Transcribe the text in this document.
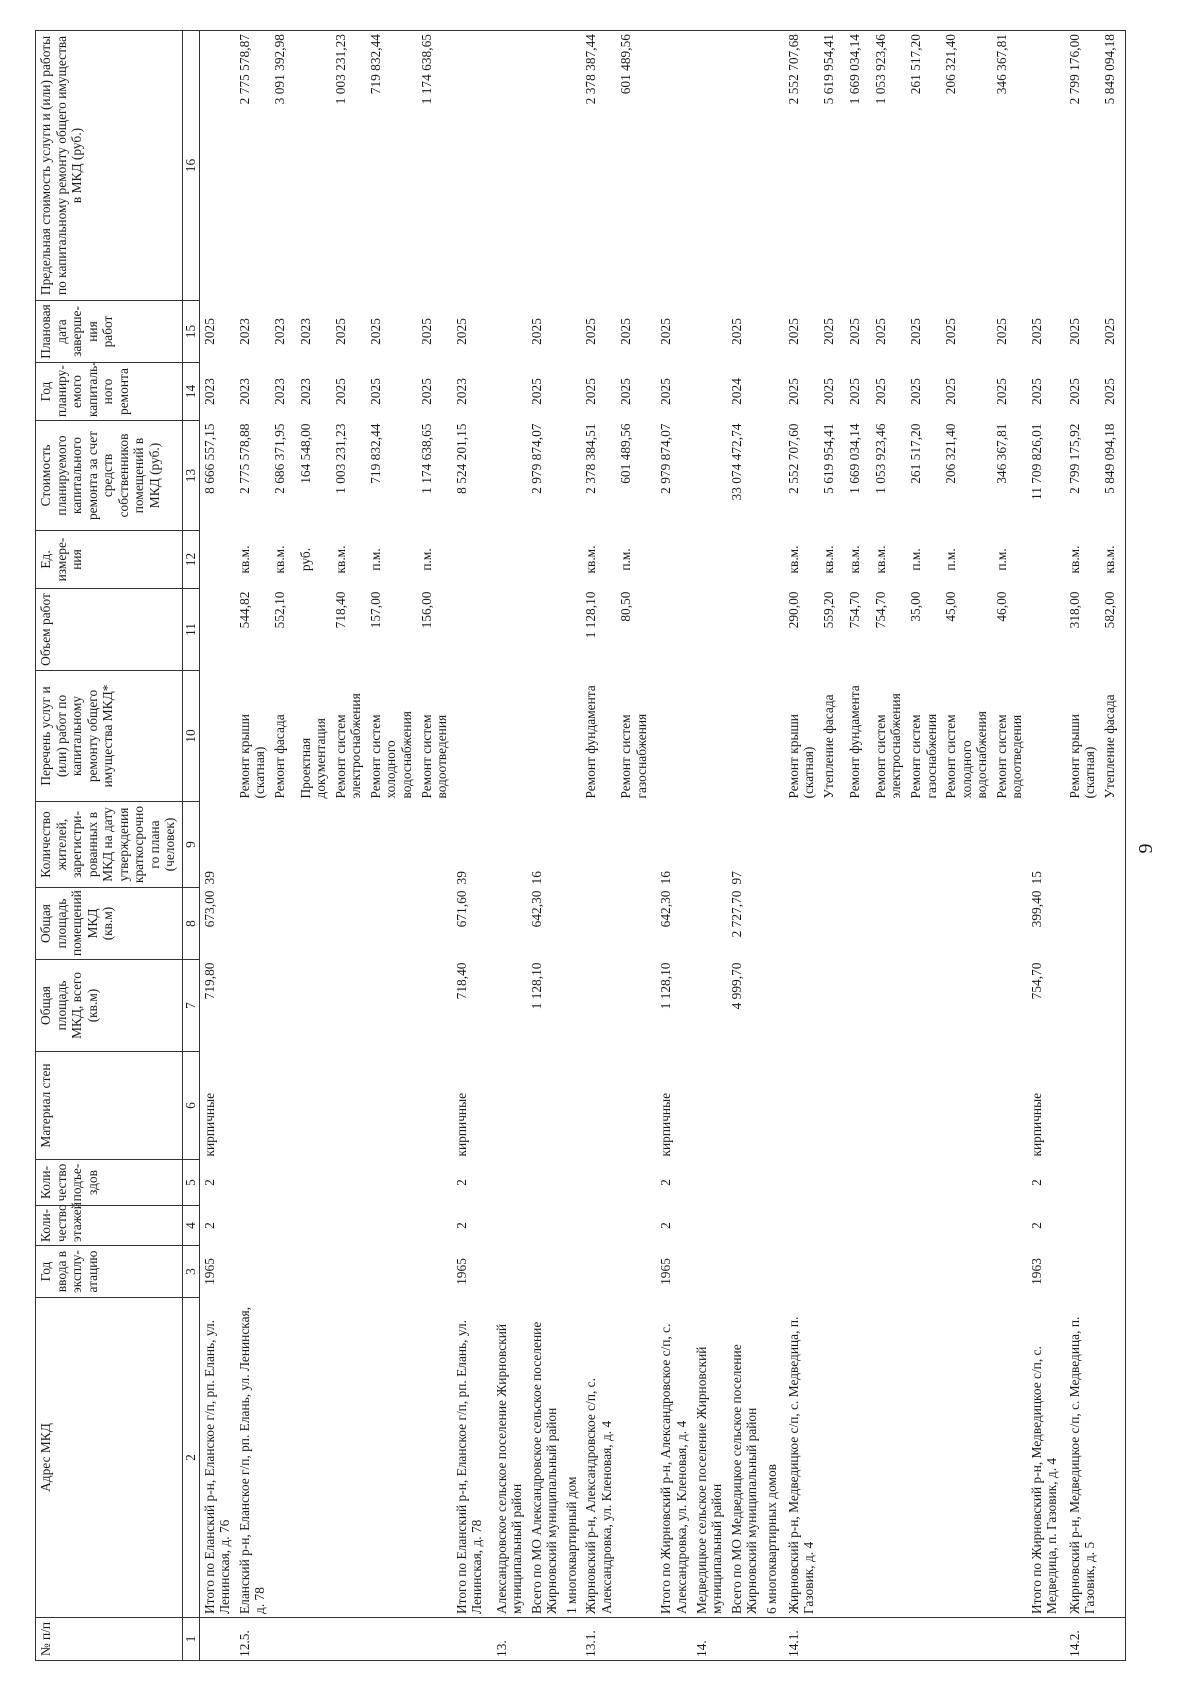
9
№ п/п	Адрес МКД	Год ввода в эксплу-атацию	Коли-чество этажей	Коли-чество подъе-здов	Материал стен	Общая площадь МКД, всего (кв.м)	Общая площадь помещений МКД (кв.м)	Количество жителей, зарегистри-рованных в МКД на дату утверждения краткосрочно го плана (человек)	Перечень услуг и (или) работ по капитальному ремонту общего имущества МКД*	Объем работ	Ед. измере-ния	Стоимость планируемого капитального ремонта за счет средств собственников помещений в МКД (руб.)	Год планиру-емого капиталь-ного ремонта	Плановая дата заверше-ния работ	Предельная стоимость услуги и (или) работы по капитальному ремонту общего имущества в МКД (руб.)
1	2	3	4	5	6	7	8	9	10	11	12	13	14	15	16
	Итого по Еланский р-н, Еланское г/п, рп. Елань, ул. Ленинская, д. 76	1965	2	2	кирпичные	719,80	673,00	39				8 666 557,15	2023	2025	
12.5.	Еланский р-н, Еланское г/п, рп. Елань, ул. Ленинская, д. 78								Ремонт крыши (скатная)	544,82	кв.м.	2 775 578,88	2023	2023	2 775 578,87
									Ремонт фасада	552,10	кв.м.	2 686 371,95	2023	2023	3 091 392,98
									Проектная документация		руб.	164 548,00	2023	2023	
									Ремонт систем электроснабжения	718,40	кв.м.	1 003 231,23	2025	2025	1 003 231,23
									Ремонт систем холодного водоснабжения	157,00	п.м.	719 832,44	2025	2025	719 832,44
									Ремонт систем водоотведения	156,00	п.м.	1 174 638,65	2025	2025	1 174 638,65
	Итого по Еланский р-н, Еланское г/п, рп. Елань, ул. Ленинская, д. 78	1965	2	2	кирпичные	718,40	671,60	39				8 524 201,15	2023	2025	
13.	Александровское сельское поселение Жирновский муниципальный район														
	Всего по МО Александровское сельское поселение Жирновский муниципальный район					1 128,10	642,30	16				2 979 874,07	2025	2025	
	1 многоквартирный дом														
13.1.	Жирновский р-н, Александровское с/п, с. Александровка, ул. Кленовая, д. 4								Ремонт фундамента	1 128,10	кв.м.	2 378 384,51	2025	2025	2 378 387,44
									Ремонт систем газоснабжения	80,50	п.м.	601 489,56	2025	2025	601 489,56
	Итого по Жирновский р-н, Александровское с/п, с. Александровка, ул. Кленовая, д. 4	1965	2	2	кирпичные	1 128,10	642,30	16				2 979 874,07	2025	2025	
14.	Медведицкое сельское поселение Жирновский муниципальный район														
	Всего по МО Медведицкое сельское поселение Жирновский муниципальный район					4 999,70	2 727,70	97				33 074 472,74	2024	2025	
	6 многоквартирных домов														
14.1.	Жирновский р-н, Медведицкое с/п, с. Медведица, п. Газовик, д. 4								Ремонт крыши (скатная)	290,00	кв.м.	2 552 707,60	2025	2025	2 552 707,68
									Утепление фасада	559,20	кв.м.	5 619 954,41	2025	2025	5 619 954,41
									Ремонт фундамента	754,70	кв.м.	1 669 034,14	2025	2025	1 669 034,14
									Ремонт систем электроснабжения	754,70	кв.м.	1 053 923,46	2025	2025	1 053 923,46
									Ремонт систем газоснабжения	35,00	п.м.	261 517,20	2025	2025	261 517,20
									Ремонт систем холодного водоснабжения	45,00	п.м.	206 321,40	2025	2025	206 321,40
									Ремонт систем водоотведения	46,00	п.м.	346 367,81	2025	2025	346 367,81
	Итого по Жирновский р-н, Медведицкое с/п, с. Медведица, п. Газовик, д. 4	1963	2	2	кирпичные	754,70	399,40	15				11 709 826,01	2025	2025	
14.2.	Жирновский р-н, Медведицкое с/п, с. Медведица, п. Газовик, д. 5								Ремонт крыши (скатная)	318,00	кв.м.	2 799 175,92	2025	2025	2 799 176,00
									Утепление фасада	582,00	кв.м.	5 849 094,18	2025	2025	5 849 094,18
